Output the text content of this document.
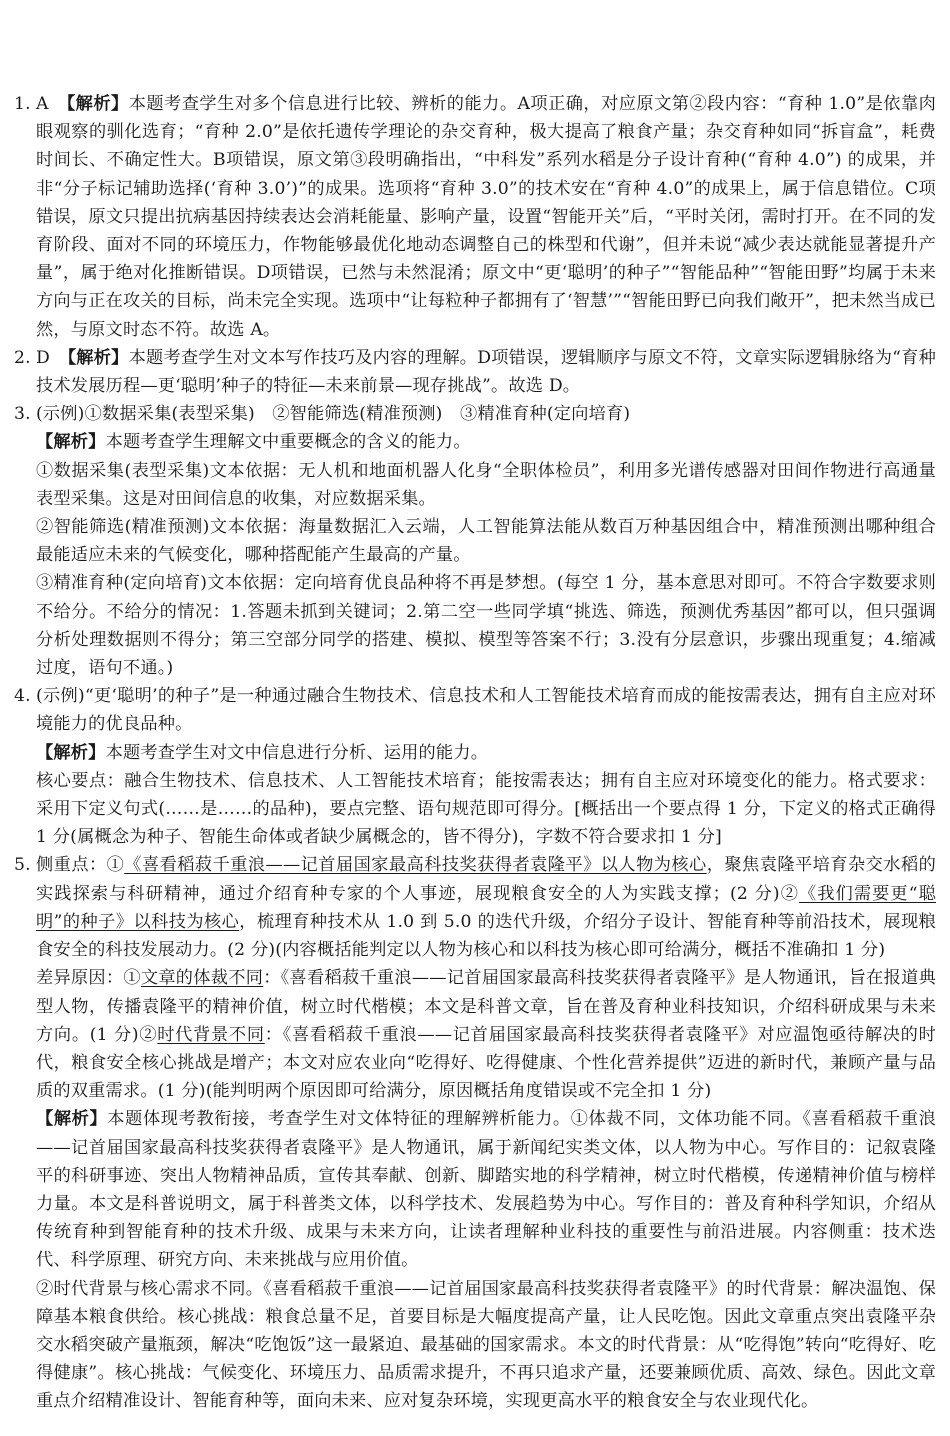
1. A　 【解析】本题考查学生对多个信息进行比较、辨析的能力。A项正确，对应原文第②段内容：“育种 1.0”是依靠肉眼观察的驯化选育；“育种 2.0”是依托遗传学理论的杂交育种，极大提高了粮食产量；杂交育种如同“拆盲盒”，耗费时间长、不确定性大。B项错误，原文第③段明确指出，“中科发”系列水稻是分子设计育种(“育种 4.0”) 的成果，并非“分子标记辅助选择(‘育种 3.0’)”的成果。选项将“育种 3.0”的技术安在“育种 4.0”的成果上，属于信息错位。C项错误，原文只提出抗病基因持续表达会消耗能量、影响产量，设置“智能开关”后，“平时关闭，需时打开。在不同的发育阶段、面对不同的环境压力，作物能够最优化地动态调整自己的株型和代谢”，但并未说“减少表达就能显著提升产量”，属于绝对化推断错误。D项错误，已然与未然混淆；原文中“更‘聪明’的种子”“智能品种”“智能田野”均属于未来方向与正在攻关的目标，尚未完全实现。选项中“让每粒种子都拥有了‘智慧’”“智能田野已向我们敞开”，把未然当成已然，与原文时态不符。故选 A。

2. D　 【解析】本题考查学生对文本写作技巧及内容的理解。D项错误，逻辑顺序与原文不符，文章实际逻辑脉络为“育种技术发展历程—更‘聪明’种子的特征—未来前景—现存挑战”。故选 D。

3. (示例)①数据采集(表型采集)　②智能筛选(精准预测)　③精准育种(定向培育)

【解析】本题考查学生理解文中重要概念的含义的能力。

①数据采集(表型采集)文本依据：无人机和地面机器人化身“全职体检员”，利用多光谱传感器对田间作物进行高通量表型采集。这是对田间信息的收集，对应数据采集。

②智能筛选(精准预测)文本依据：海量数据汇入云端，人工智能算法能从数百万种基因组合中，精准预测出哪种组合最能适应未来的气候变化，哪种搭配能产生最高的产量。

③精准育种(定向培育)文本依据：定向培育优良品种将不再是梦想。(每空 1 分，基本意思对即可。不符合字数要求则不给分。不给分的情况：1.答题未抓到关键词；2.第二空一些同学填“挑选、筛选，预测优秀基因”都可以，但只强调分析处理数据则不得分；第三空部分同学的搭建、模拟、模型等答案不行；3.没有分层意识，步骤出现重复；4.缩减过度，语句不通。)

4. (示例)“更‘聪明’的种子”是一种通过融合生物技术、信息技术和人工智能技术培育而成的能按需表达，拥有自主应对环境能力的优良品种。

【解析】本题考查学生对文中信息进行分析、运用的能力。

核心要点：融合生物技术、信息技术、人工智能技术培育；能按需表达；拥有自主应对环境变化的能力。格式要求：采用下定义句式(……是……的品种)，要点完整、语句规范即可得分。[概括出一个要点得 1 分，下定义的格式正确得 1 分(属概念为种子、智能生命体或者缺少属概念的，皆不得分)，字数不符合要求扣 1 分]

5. 侧重点：①《喜看稻菽千重浪——记首届国家最高科技奖获得者袁隆平》以人物为核心，聚焦袁隆平培育杂交水稻的实践探索与科研精神，通过介绍育种专家的个人事迹，展现粮食安全的人为实践支撑；(2 分)②《我们需要更“聪明”的种子》以科技为核心，梳理育种技术从 1.0 到 5.0 的迭代升级，介绍分子设计、智能育种等前沿技术，展现粮食安全的科技发展动力。(2 分)(内容概括能判定以人物为核心和以科技为核心即可给满分，概括不准确扣 1 分)

差异原因：①文章的体裁不同：《喜看稻菽千重浪——记首届国家最高科技奖获得者袁隆平》是人物通讯，旨在报道典型人物，传播袁隆平的精神价值，树立时代楷模；本文是科普文章，旨在普及育种业科技知识，介绍科研成果与未来方向。(1 分)②时代背景不同：《喜看稻菽千重浪——记首届国家最高科技奖获得者袁隆平》对应温饱亟待解决的时代，粮食安全核心挑战是增产；本文对应农业向“吃得好、吃得健康、个性化营养提供”迈进的新时代，兼顾产量与品质的双重需求。(1 分)(能判明两个原因即可给满分，原因概括角度错误或不完全扣 1 分)

【解析】本题体现考教衔接，考查学生对文体特征的理解辨析能力。①体裁不同，文体功能不同。《喜看稻菽千重浪——记首届国家最高科技奖获得者袁隆平》是人物通讯，属于新闻纪实类文体，以人物为中心。写作目的：记叙袁隆平的科研事迹、突出人物精神品质，宣传其奉献、创新、脚踏实地的科学精神，树立时代楷模，传递精神价值与榜样力量。本文是科普说明文，属于科普类文体，以科学技术、发展趋势为中心。写作目的：普及育种科学知识，介绍从传统育种到智能育种的技术升级、成果与未来方向，让读者理解种业科技的重要性与前沿进展。内容侧重：技术迭代、科学原理、研究方向、未来挑战与应用价值。

②时代背景与核心需求不同。《喜看稻菽千重浪——记首届国家最高科技奖获得者袁隆平》的时代背景：解决温饱、保障基本粮食供给。核心挑战：粮食总量不足，首要目标是大幅度提高产量，让人民吃饱。因此文章重点突出袁隆平杂交水稻突破产量瓶颈，解决“吃饱饭”这一最紧迫、最基础的国家需求。本文的时代背景：从“吃得饱”转向“吃得好、吃得健康”。核心挑战：气候变化、环境压力、品质需求提升，不再只追求产量，还要兼顾优质、高效、绿色。因此文章重点介绍精准设计、智能育种等，面向未来、应对复杂环境，实现更高水平的粮食安全与农业现代化。
